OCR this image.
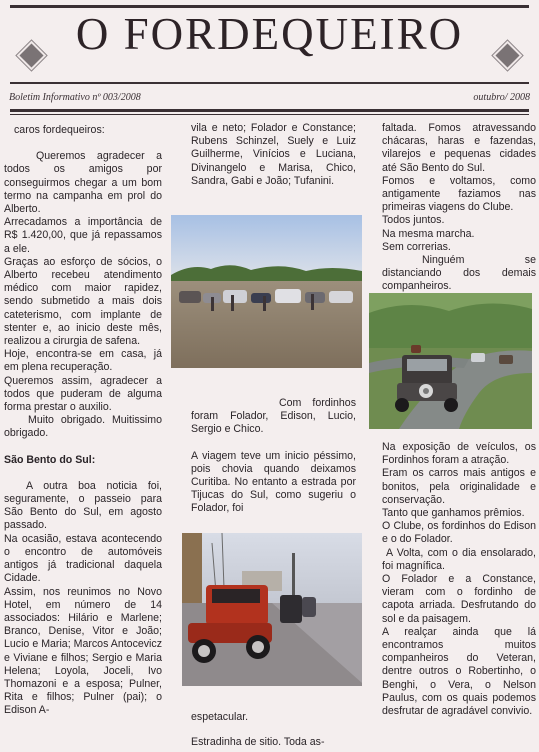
O FORDEQUEIRO
Boletim Informativo nº 003/2008	outubro/ 2008

caros fordequeiros:

Queremos agradecer a todos os amigos por conseguirmos chegar a um bom termo na campanha em prol do Alberto.

Arrecadamos a importância de R$ 1.420,00, que já repassamos a ele.

Graças ao esforço de sócios, o Alberto recebeu atendimento médico com maior rapidez, sendo submetido a mais dois cateterismo, com implante de stenter e, ao inicio deste mês, realizou a cirurgia de safena.

Hoje, encontra-se em casa, já em plena recuperação.

Queremos assim, agradecer a todos que puderam de alguma forma prestar o auxilio.

Muito obrigado. Muitissimo obrigado.

São Bento do Sul:

A outra boa noticia foi, seguramente, o passeio para São Bento do Sul, em agosto passado.

Na ocasião, estava acontecendo o encontro de automóveis antigos já tradicional daquela Cidade.

Assim, nos reunimos no Novo Hotel, em número de 14 associados: Hilário e Marlene; Branco, Denise, Vitor e João; Lucio e Maria; Marcos Antocevicz e Viviane e filhos; Sergio e Maria Helena; Loyola, Joceli, Ivo Thomazoni e a esposa; Pulner, Rita e filhos; Pulner (pai); o Edison A-

vila e neto; Folador e Constance; Rubens Schinzel, Suely e Luiz Guilherme, Vinícios e Luciana, Divinangelo e Marisa, Chico, Sandra, Gabi e João; Tufanini.

Com fordinhos foram Folador, Edison, Lucio, Sergio e Chico.

A viagem teve um inicio péssimo, pois chovia quando deixamos Curitiba. No entanto a estrada por Tijucas do Sul, como sugeriu o Folador, foi

espetacular.

Estradinha de sitio. Toda as-

faltada. Fomos atravessando chácaras, haras e fazendas, vilarejos e pequenas cidades até São Bento do Sul.

Fomos e voltamos, como antigamente faziamos nas primeiras viagens do Clube.

Todos juntos.

Na mesma marcha.

Sem correrias.

Ninguém se distanciando dos demais companheiros.

Na exposição de veículos, os Fordinhos foram a atração.

Eram os carros mais antigos e bonitos, pela originalidade e conservação.

Tanto que ganhamos prêmios.

O Clube, os fordinhos do Edison e o do Folador.

A Volta, com o dia ensolarado, foi magnífica.

O Folador e a Constance, vieram com o fordinho de capota arriada. Desfrutando do sol e da paisagem.

A realçar ainda que lá encontramos muitos companheiros do Veteran, dentre outros o Robertinho, o Benghi, o Vera, o Nelson Paulus, com os quais podemos desfrutar de agradável convivio.
